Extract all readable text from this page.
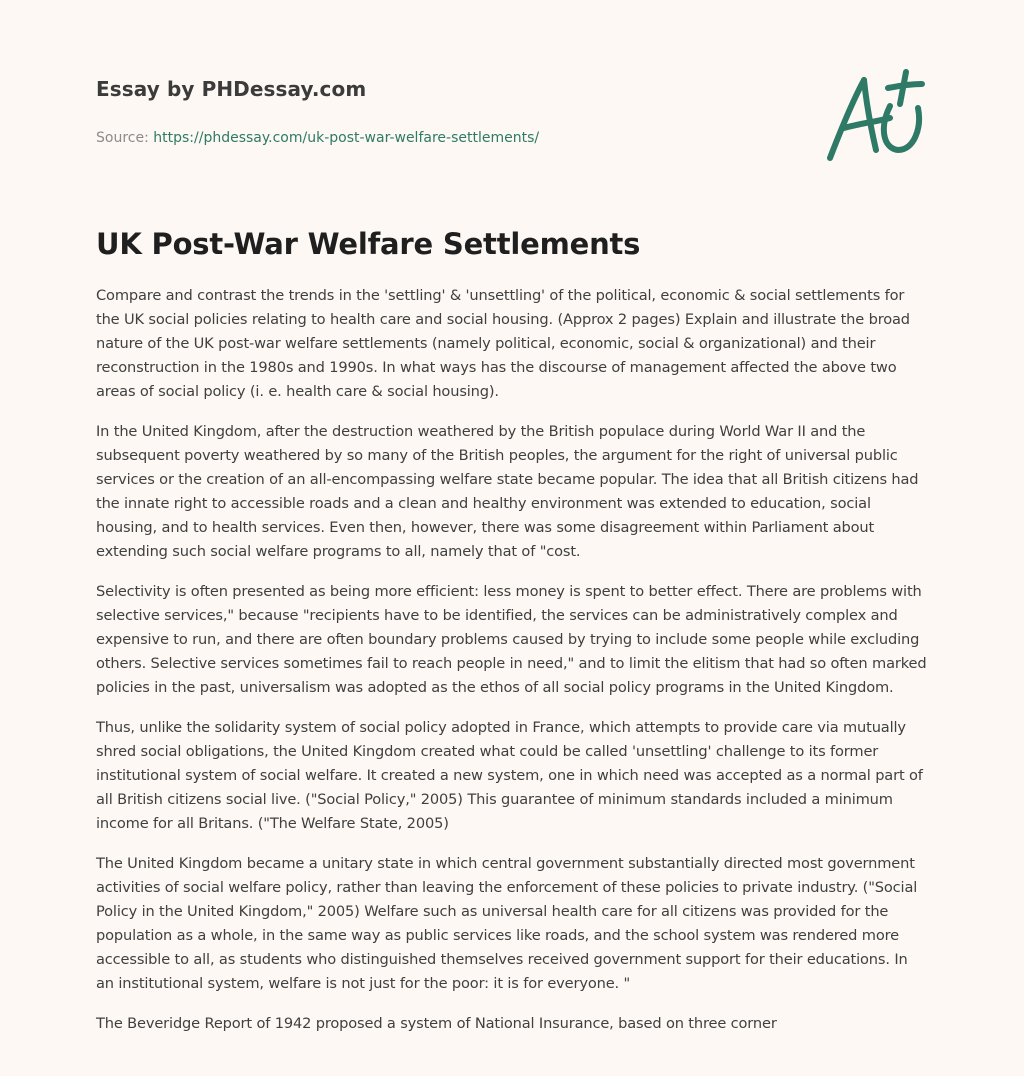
Essay by PHDessay.com

Source: https://phdessay.com/uk-post-war-welfare-settlements/
UK Post-War Welfare Settlements

Compare and contrast the trends in the 'settling' & 'unsettling' of the political, economic & social settlements for the UK social policies relating to health care and social housing. (Approx 2 pages) Explain and illustrate the broad nature of the UK post-war welfare settlements (namely political, economic, social & organizational) and their reconstruction in the 1980s and 1990s. In what ways has the discourse of management affected the above two areas of social policy (i. e. health care & social housing).

In the United Kingdom, after the destruction weathered by the British populace during World War II and the subsequent poverty weathered by so many of the British peoples, the argument for the right of universal public services or the creation of an all-encompassing welfare state became popular. The idea that all British citizens had the innate right to accessible roads and a clean and healthy environment was extended to education, social housing, and to health services. Even then, however, there was some disagreement within Parliament about extending such social welfare programs to all, namely that of "cost.

Selectivity is often presented as being more efficient: less money is spent to better effect. There are problems with selective services," because "recipients have to be identified, the services can be administratively complex and expensive to run, and there are often boundary problems caused by trying to include some people while excluding others. Selective services sometimes fail to reach people in need," and to limit the elitism that had so often marked policies in the past, universalism was adopted as the ethos of all social policy programs in the United Kingdom.

Thus, unlike the solidarity system of social policy adopted in France, which attempts to provide care via mutually shred social obligations, the United Kingdom created what could be called 'unsettling' challenge to its former institutional system of social welfare. It created a new system, one in which need was accepted as a normal part of all British citizens social live. ("Social Policy," 2005) This guarantee of minimum standards included a minimum income for all Britans. ("The Welfare State, 2005)

The United Kingdom became a unitary state in which central government substantially directed most government activities of social welfare policy, rather than leaving the enforcement of these policies to private industry. ("Social Policy in the United Kingdom," 2005) Welfare such as universal health care for all citizens was provided for the population as a whole, in the same way as public services like roads, and the school system was rendered more accessible to all, as students who distinguished themselves received government support for their educations. In an institutional system, welfare is not just for the poor: it is for everyone. "

The Beveridge Report of 1942 proposed a system of National Insurance, based on three corner
